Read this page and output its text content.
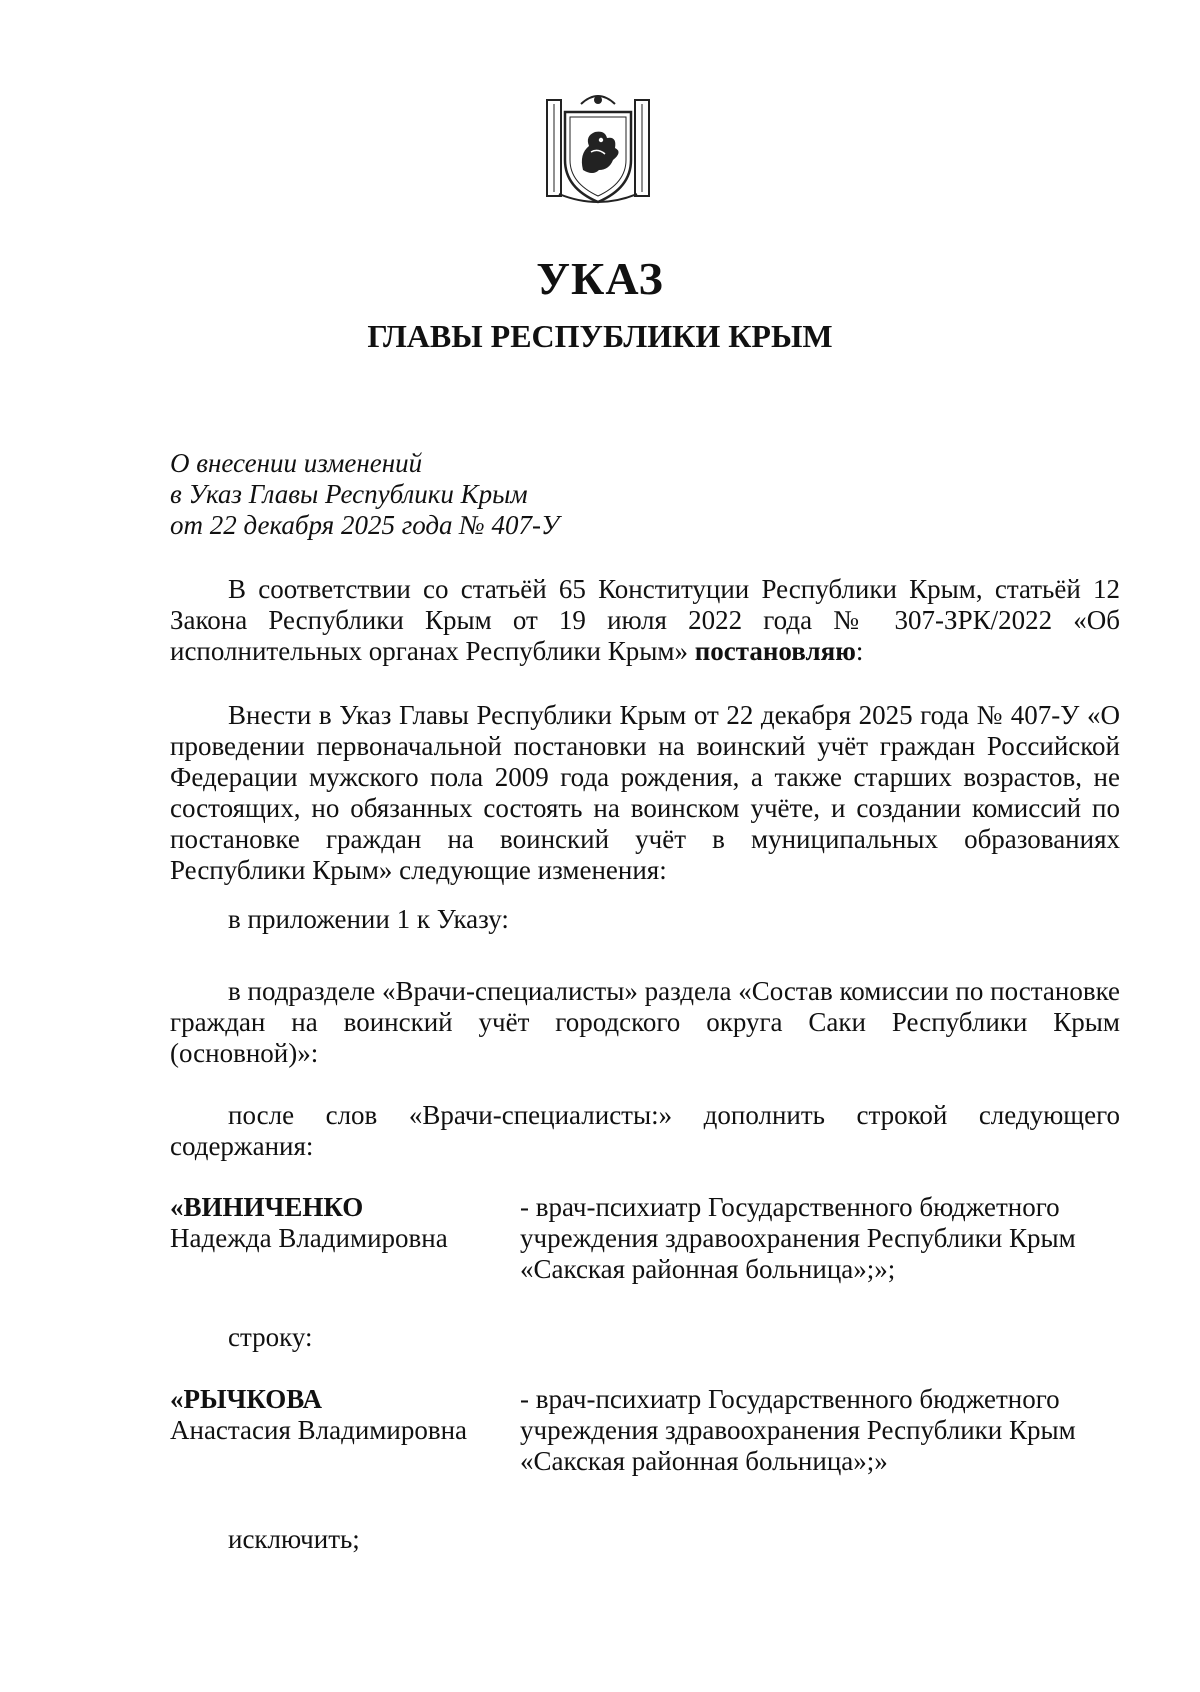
УКАЗ
ГЛАВЫ РЕСПУБЛИКИ КРЫМ
О внесении изменений
в Указ Главы Республики Крым
от 22 декабря 2025 года № 407-У

В соответствии со статьёй 65 Конституции Республики Крым, статьёй 12 Закона Республики Крым от 19 июля 2022 года № 307-ЗРК/2022 «Об исполнительных органах Республики Крым» постановляю:

Внести в Указ Главы Республики Крым от 22 декабря 2025 года № 407-У «О проведении первоначальной постановки на воинский учёт граждан Российской Федерации мужского пола 2009 года рождения, а также старших возрастов, не состоящих, но обязанных состоять на воинском учёте, и создании комиссий по постановке граждан на воинский учёт в муниципальных образованиях Республики Крым» следующие изменения:

в приложении 1 к Указу:

в подразделе «Врачи-специалисты» раздела «Состав комиссии по постановке граждан на воинский учёт городского округа Саки Республики Крым (основной)»:

после слов «Врачи-специалисты:» дополнить строкой следующего содержания:

«ВИНИЧЕНКО
Надежда Владимировна

- врач-психиатр Государственного бюджетного учреждения здравоохранения Республики Крым «Сакская районная больница»;»;

строку:

«РЫЧКОВА
Анастасия Владимировна

- врач-психиатр Государственного бюджетного учреждения здравоохранения Республики Крым «Сакская районная больница»;»

исключить;
